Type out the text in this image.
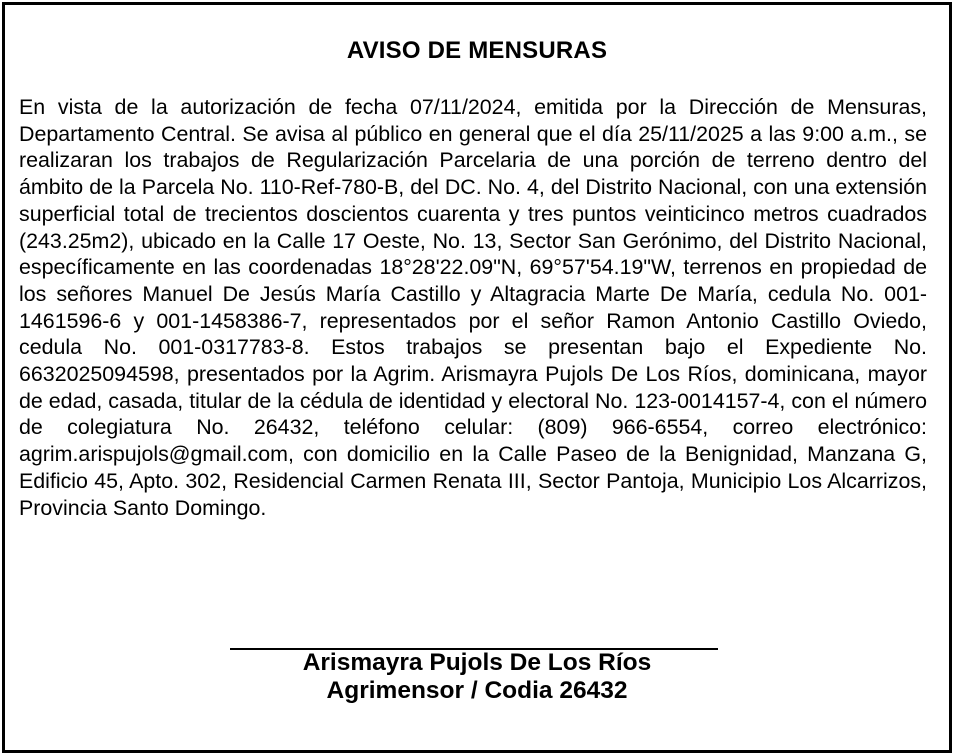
AVISO DE MENSURAS
En vista de la autorización de fecha 07/11/2024, emitida por la Dirección de Mensuras, Departamento Central. Se avisa al público en general que el día 25/11/2025 a las 9:00 a.m., se realizaran los trabajos de Regularización Parcelaria de una porción de terreno dentro del ámbito de la Parcela No. 110-Ref-780-B, del DC. No. 4, del Distrito Nacional, con una extensión superficial total de trecientos doscientos cuarenta y tres puntos veinticinco metros cuadrados (243.25m2), ubicado en la Calle 17 Oeste, No. 13, Sector San Gerónimo, del Distrito Nacional, específicamente en las coordenadas 18°28'22.09"N, 69°57'54.19"W, terrenos en propiedad de los señores Manuel De Jesús María Castillo y Altagracia Marte De María, cedula No. 001-1461596-6 y 001-1458386-7, representados por el señor Ramon Antonio Castillo Oviedo, cedula No. 001-0317783-8. Estos trabajos se presentan bajo el Expediente No. 6632025094598, presentados por la Agrim. Arismayra Pujols De Los Ríos, dominicana, mayor de edad, casada, titular de la cédula de identidad y electoral No. 123-0014157-4, con el número de colegiatura No. 26432, teléfono celular: (809) 966-6554, correo electrónico: agrim.arispujols@gmail.com, con domicilio en la Calle Paseo de la Benignidad, Manzana G, Edificio 45, Apto. 302, Residencial Carmen Renata III, Sector Pantoja, Municipio Los Alcarrizos, Provincia Santo Domingo.
Arismayra Pujols De Los Ríos
Agrimensor / Codia 26432
